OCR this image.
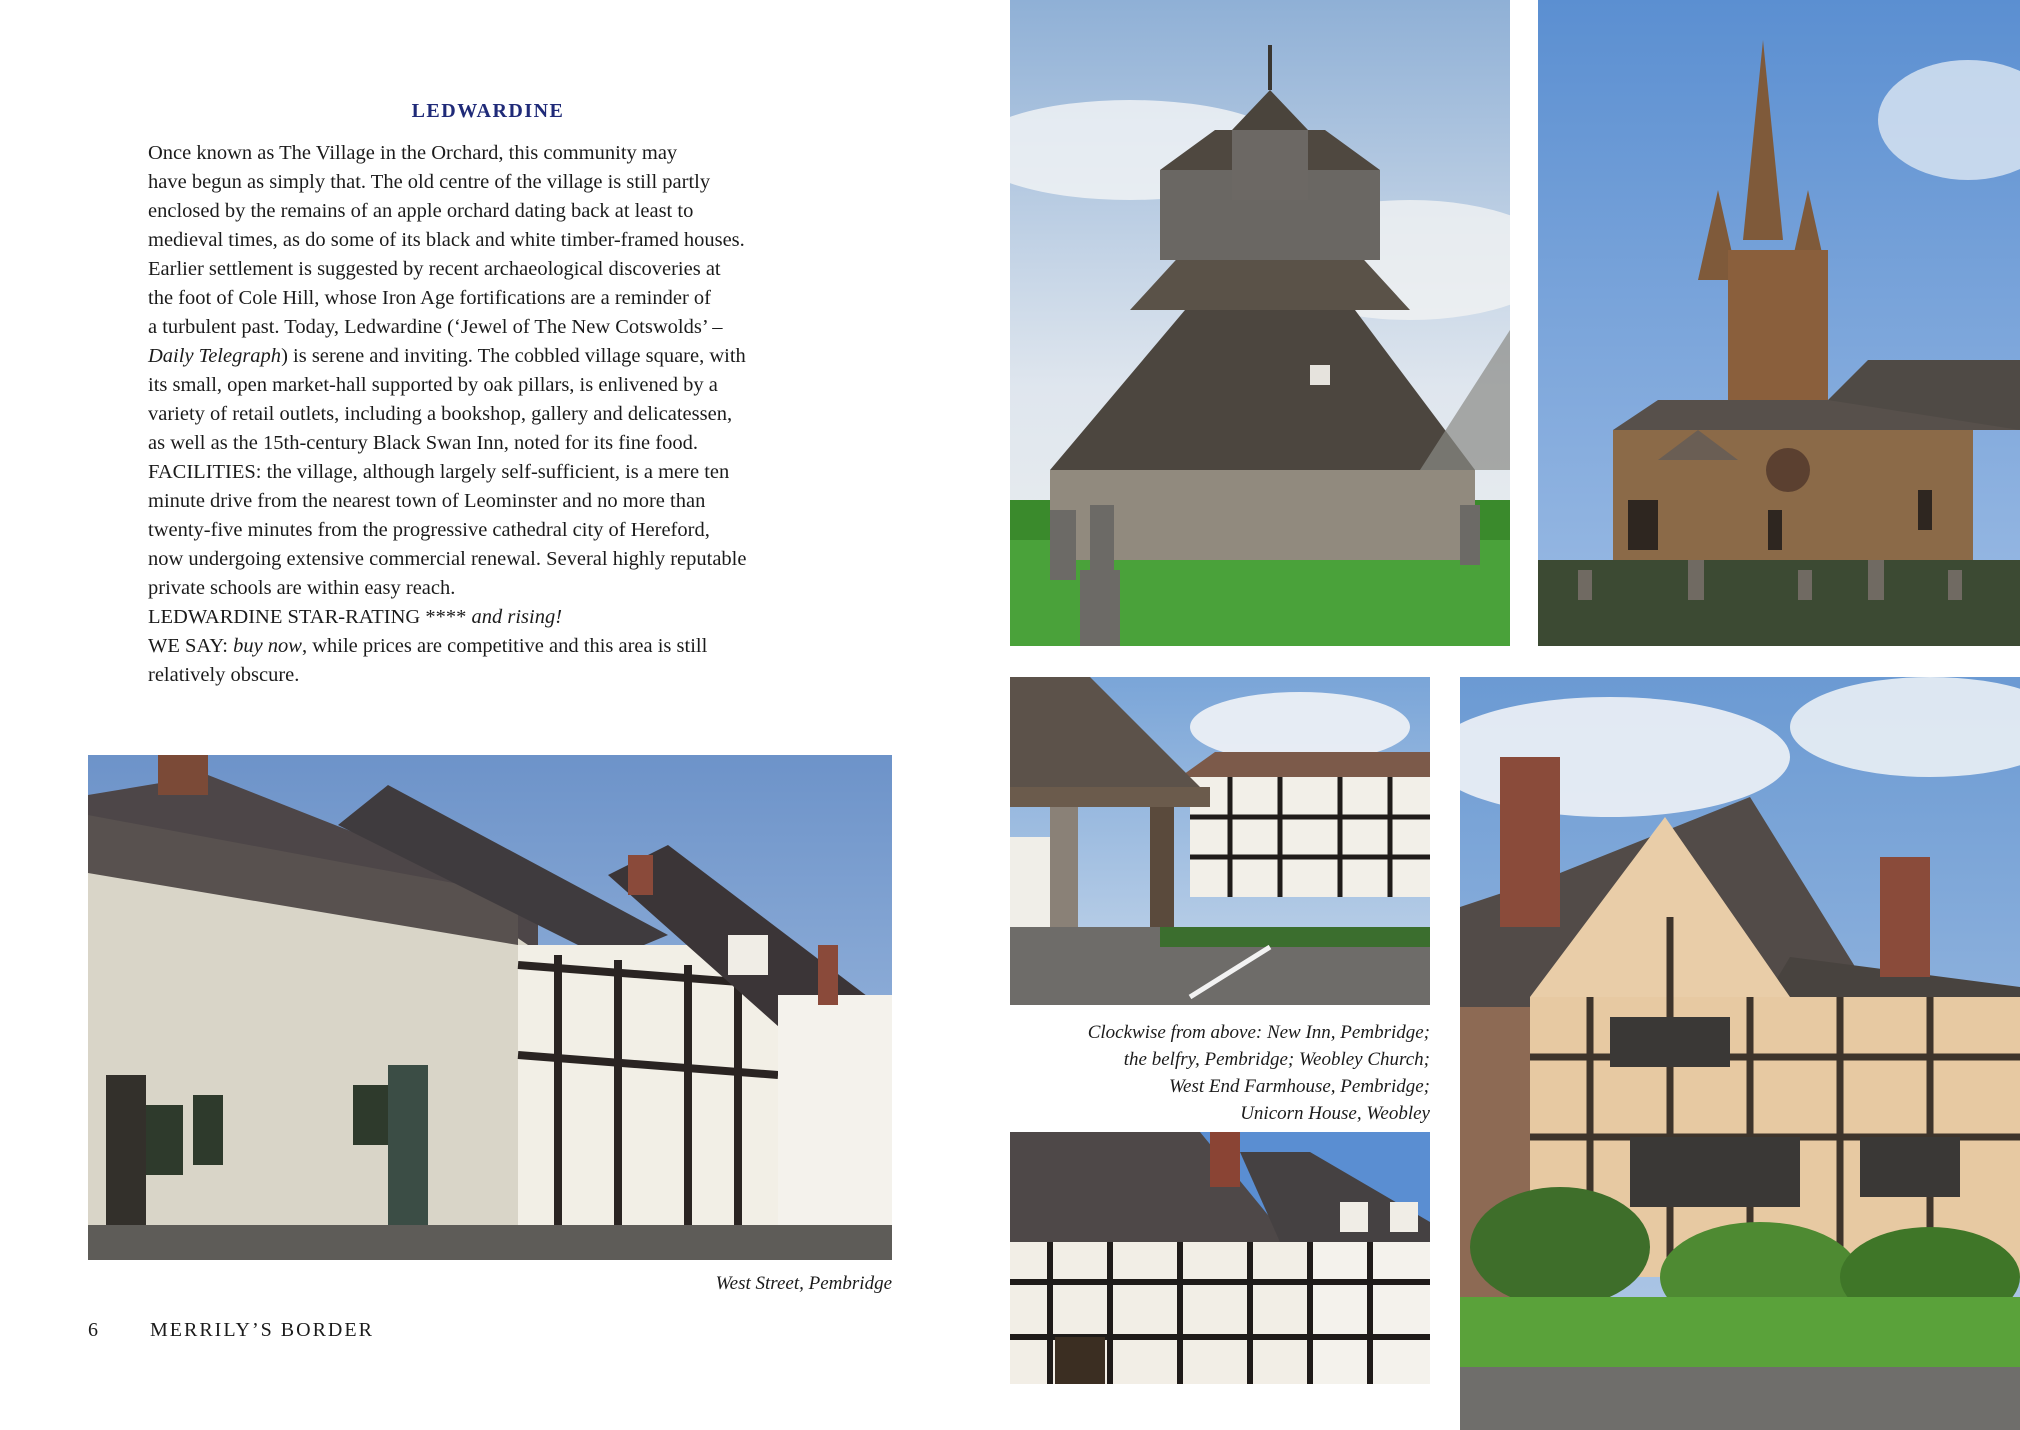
LEDWARDINE

Once known as The Village in the Orchard, this community may

have begun as simply that. The old centre of the village is still partly

enclosed by the remains of an apple orchard dating back at least to

medieval times, as do some of its black and white timber-framed houses.

Earlier settlement is suggested by recent archaeological discoveries at

the foot of Cole Hill, whose Iron Age fortifications are a reminder of

a turbulent past. Today, Ledwardine (‘Jewel of The New Cotswolds’ –

Daily Telegraph) is serene and inviting. The cobbled village square, with

its small, open market-hall supported by oak pillars, is enlivened by a

variety of retail outlets, including a bookshop, gallery and delicatessen,

as well as the 15th-century Black Swan Inn, noted for its fine food.

FACILITIES: the village, although largely self-sufficient, is a mere ten

minute drive from the nearest town of Leominster and no more than

twenty-five minutes from the progressive cathedral city of Hereford,

now undergoing extensive commercial renewal. Several highly reputable

private schools are within easy reach.

LEDWARDINE STAR-RATING **** and rising!

WE SAY: buy now, while prices are competitive and this area is still

relatively obscure.

West Street, Pembridge

Clockwise from above: New Inn, Pembridge;

the belfry, Pembridge; Weobley Church;

West End Farmhouse, Pembridge;

Unicorn House, Weobley

6	MERRILY’S BORDER
